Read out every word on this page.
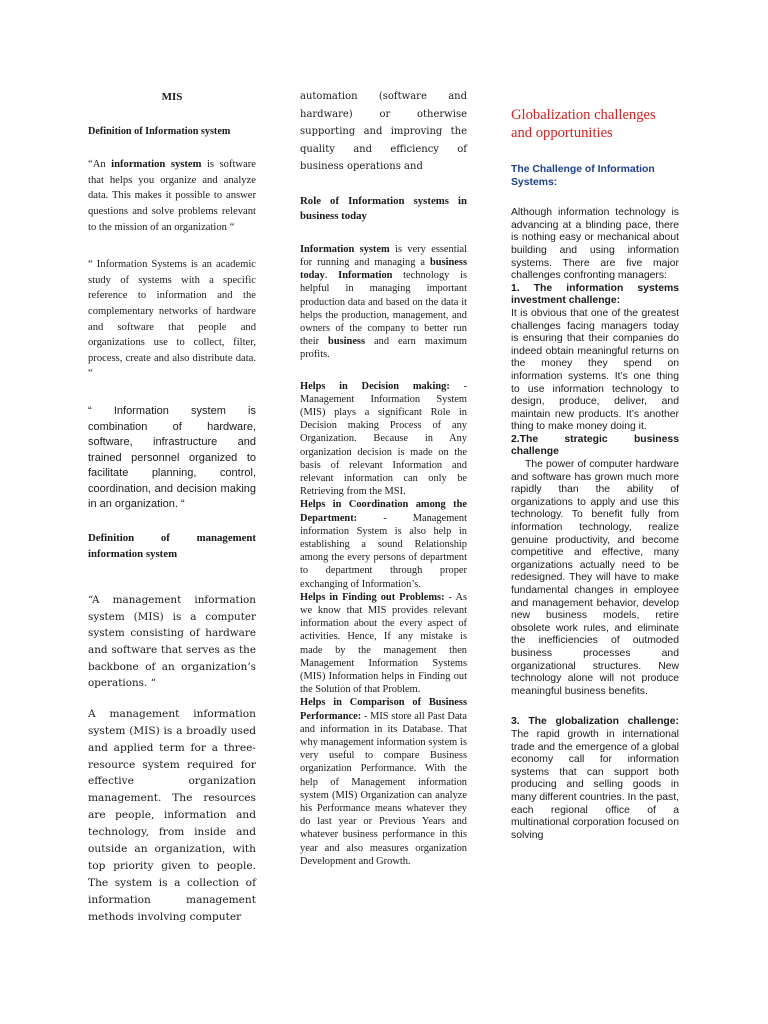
MIS

Definition of Information system

“An information system is software that helps you organize and analyze data. This makes it possible to answer questions and solve problems relevant to the mission of an organization “

“ Information Systems is an academic study of systems with a specific reference to information and the complementary networks of hardware and software that people and organizations use to collect, filter, process, create and also distribute data. “

“ Information system is combination of hardware, software, infrastructure and trained personnel organized to facilitate planning, control, coordination, and decision making in an organization. “

Definition of management information system

“A management information system (MIS) is a computer system consisting of hardware and software that serves as the backbone of an organization’s operations. “

A management information system (MIS) is a broadly used and applied term for a three-resource system required for effective organization management. The resources are people, information and technology, from inside and outside an organization, with top priority given to people. The system is a collection of information management methods involving computer

automation (software and hardware) or otherwise supporting and improving the quality and efficiency of business operations and

Role of Information systems in business today

Information system is very essential for running and managing a business today. Information technology is helpful in managing important production data and based on the data it helps the production, management, and owners of the company to better run their business and earn maximum profits.

Helps in Decision making: - Management Information System (MIS) plays a significant Role in Decision making Process of any Organization. Because in Any organization decision is made on the basis of relevant Information and relevant information can only be Retrieving from the MSI.

Helps in Coordination among the Department: - Management information System is also help in establishing a sound Relationship among the every persons of department to department through proper exchanging of Information’s.

Helps in Finding out Problems: - As we know that MIS provides relevant information about the every aspect of activities. Hence, If any mistake is made by the management then Management Information Systems (MIS) Information helps in Finding out the Solution of that Problem.

Helps in Comparison of Business Performance: - MIS store all Past Data and information in its Database. That why management information system is very useful to compare Business organization Performance. With the help of Management information system (MIS) Organization can analyze his Performance means whatever they do last year or Previous Years and whatever business performance in this year and also measures organization Development and Growth.

Globalization challenges and opportunities

The Challenge of Information Systems:

Although information technology is advancing at a blinding pace, there is nothing easy or mechanical about building and using information systems. There are five major challenges confronting managers:

1. The information systems investment challenge:

It is obvious that one of the greatest challenges facing managers today is ensuring that their companies do indeed obtain meaningful returns on the money they spend on information systems. It’s one thing to use information technology to design, produce, deliver, and maintain new products. It’s another thing to make money doing it.

2.The strategic business challenge

The power of computer hardware and software has grown much more rapidly than the ability of organizations to apply and use this technology. To benefit fully from information technology, realize genuine productivity, and become competitive and effective, many organizations actually need to be redesigned. They will have to make fundamental changes in employee and management behavior, develop new business models, retire obsolete work rules, and eliminate the inefficiencies of outmoded business processes and organizational structures. New technology alone will not produce meaningful business benefits.

3. The globalization challenge: The rapid growth in international trade and the emergence of a global economy call for information systems that can support both producing and selling goods in many different countries. In the past, each regional office of a multinational corporation focused on solving
